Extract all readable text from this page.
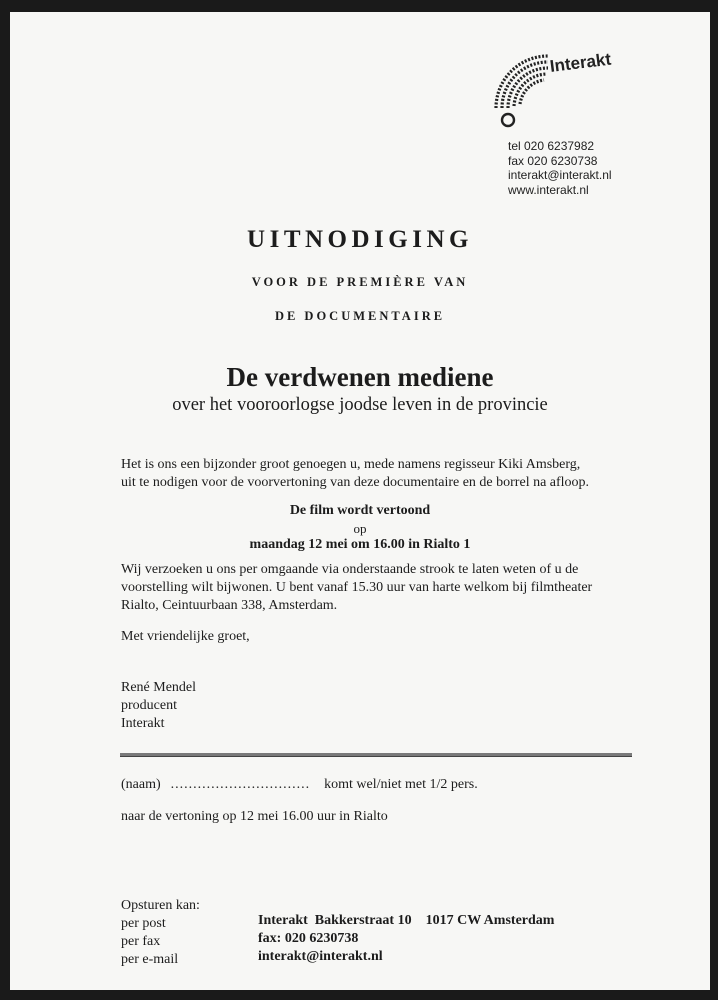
Interakt
tel 020 6237982
fax 020 6230738
interakt@interakt.nl
www.interakt.nl
UITNODIGING
VOOR DE PREMIÈRE VAN
DE DOCUMENTAIRE
De verdwenen mediene
over het vooroorlogse joodse leven in de provincie
Het is ons een bijzonder groot genoegen u, mede namens regisseur Kiki Amsberg,
uit te nodigen voor de voorvertoning van deze documentaire en de borrel na afloop.
De film wordt vertoond
op
maandag 12 mei om 16.00 in Rialto 1
Wij verzoeken u ons per omgaande via onderstaande strook te laten weten of u de
voorstelling wilt bijwonen. U bent vanaf 15.30 uur van harte welkom bij filmtheater
Rialto, Ceintuurbaan 338, Amsterdam.
Met vriendelijke groet,
René Mendel
producent
Interakt
(naam) ............................... komt wel/niet met 1/2 pers.
naar de vertoning op 12 mei 16.00 uur in Rialto
Opsturen kan:
per post
per fax
per e-mail
Interakt  Bakkerstraat 10    1017 CW Amsterdam
fax: 020 6230738
interakt@interakt.nl
